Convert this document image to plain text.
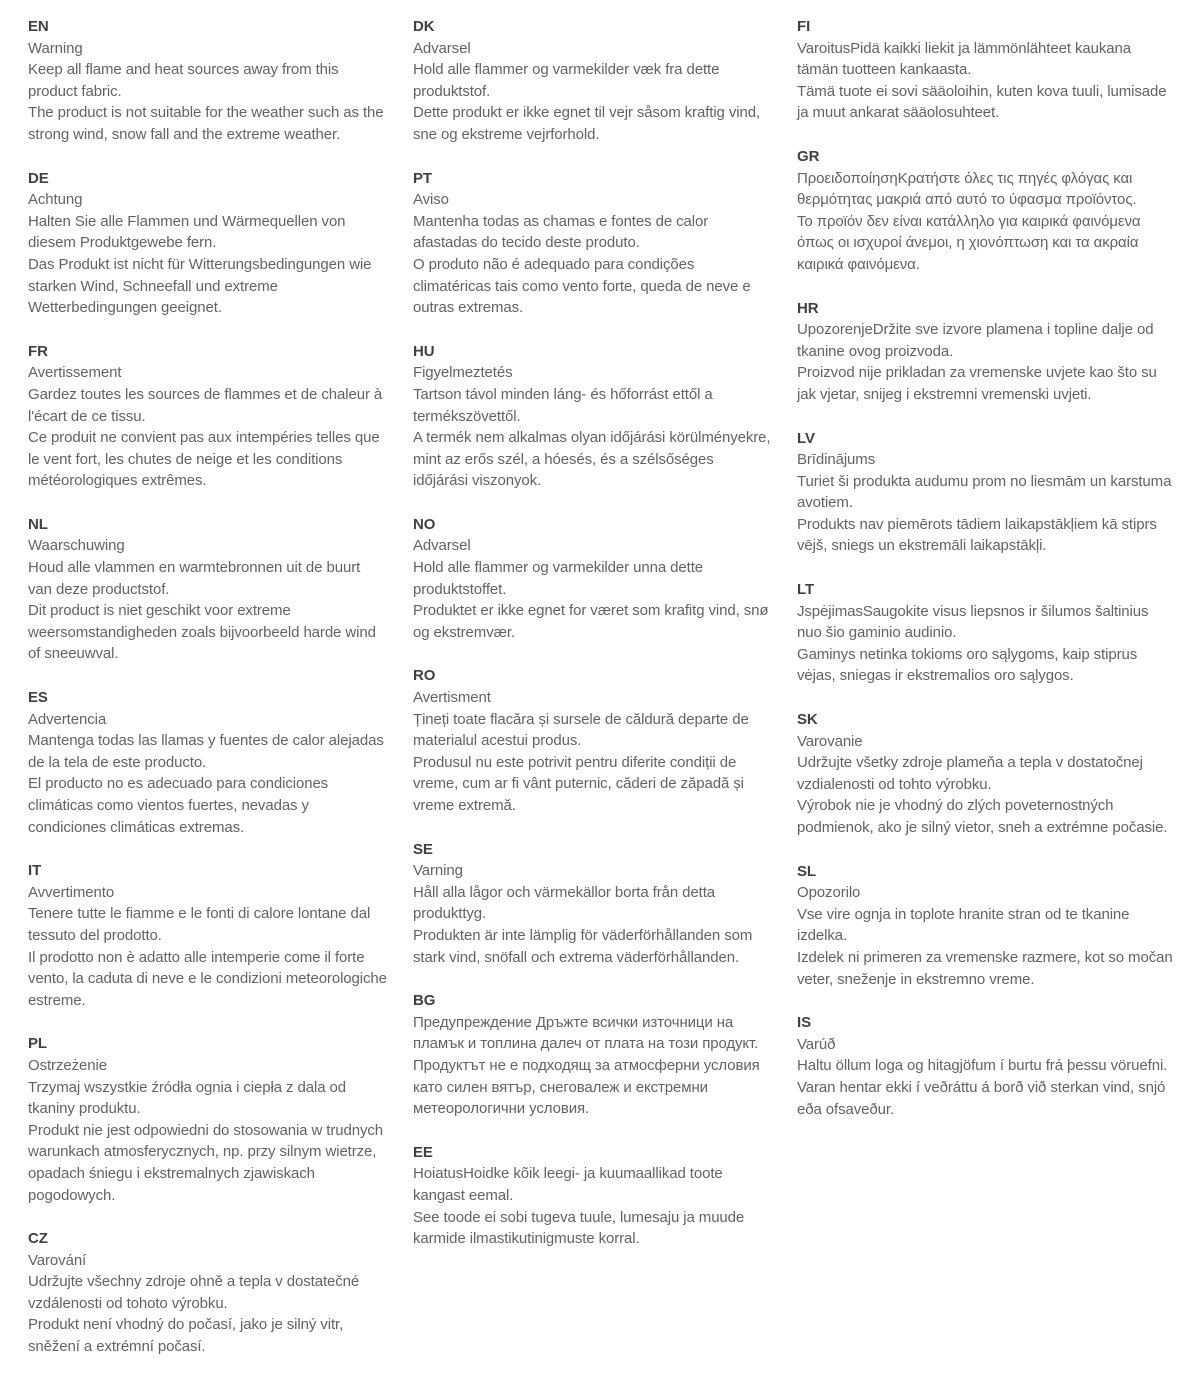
EN
Warning
Keep all flame and heat sources away from this product fabric.
The product is not suitable for the weather such as the strong wind, snow fall and the extreme weather.
DE
Achtung
Halten Sie alle Flammen und Wärmequellen von diesem Produktgewebe fern.
Das Produkt ist nicht für Witterungsbedingungen wie starken Wind, Schneefall und extreme Wetterbedingungen geeignet.
FR
Avertissement
Gardez toutes les sources de flammes et de chaleur à l'écart de ce tissu.
Ce produit ne convient pas aux intempéries telles que le vent fort, les chutes de neige et les conditions météorologiques extrêmes.
NL
Waarschuwing
Houd alle vlammen en warmtebronnen uit de buurt van deze productstof.
Dit product is niet geschikt voor extreme weersomstandigheden zoals bijvoorbeeld harde wind of sneeuwval.
ES
Advertencia
Mantenga todas las llamas y fuentes de calor alejadas de la tela de este producto.
El producto no es adecuado para condiciones climáticas como vientos fuertes, nevadas y condiciones climáticas extremas.
IT
Avvertimento
Tenere tutte le fiamme e le fonti di calore lontane dal tessuto del prodotto.
Il prodotto non è adatto alle intemperie come il forte vento, la caduta di neve e le condizioni meteorologiche estreme.
PL
Ostrzeżenie
Trzymaj wszystkie źródła ognia i ciepła z dala od tkaniny produktu.
Produkt nie jest odpowiedni do stosowania w trudnych warunkach atmosferycznych, np. przy silnym wietrze, opadach śniegu i ekstremalnych zjawiskach pogodowych.
CZ
Varování
Udržujte všechny zdroje ohně a tepla v dostatečné vzdálenosti od tohoto výrobku.
Produkt není vhodný do počasí, jako je silný vitr, sněžení a extrémní počasí.
DK
Advarsel
Hold alle flammer og varmekilder væk fra dette produktstof.
Dette produkt er ikke egnet til vejr såsom kraftig vind, sne og ekstreme vejrforhold.
PT
Aviso
Mantenha todas as chamas e fontes de calor afastadas do tecido deste produto.
O produto não é adequado para condições climatéricas tais como vento forte, queda de neve e outras extremas.
HU
Figyelmeztetés
Tartson távol minden láng- és hőforrást ettől a termékszövettől.
A termék nem alkalmas olyan időjárási körülményekre, mint az erős szél, a hóesés, és a szélsőséges időjárási viszonyok.
NO
Advarsel
Hold alle flammer og varmekilder unna dette produktstoffet.
Produktet er ikke egnet for været som krafitg vind, snø og ekstremvær.
RO
Avertisment
Țineți toate flacăra și sursele de căldură departe de materialul acestui produs.
Produsul nu este potrivit pentru diferite condiții de vreme, cum ar fi vânt puternic, căderi de zăpadă și vreme extremă.
SE
Varning
Håll alla lågor och värmekällor borta från detta produkttyg.
Produkten är inte lämplig för väderförhållanden som stark vind, snöfall och extrema väderförhållanden.
BG
Предупреждение Дръжте всички източници на пламък и топлина далеч от плата на този продукт.
Продуктът не е подходящ за атмосферни условия като силен вятър, снеговалеж и екстремни метеорологични условия.
EE
HoiatusHoidke kõik leegi- ja kuumaallikad toote kangast eemal.
See toode ei sobi tugeva tuule, lumesaju ja muude karmide ilmastikutinigmuste korral.
FI
VaroitusPidä kaikki liekit ja lämmönlähteet kaukana tämän tuotteen kankaasta.
Tämä tuote ei sovi sääoloihin, kuten kova tuuli, lumisade ja muut ankarat sääolosuhteet.
GR
ΠροειδοποίησηΚρατήστε όλες τις πηγές φλόγας και θερμότητας μακριά από αυτό το ύφασμα προϊόντος.
Το προϊόν δεν είναι κατάλληλο για καιρικά φαινόμενα όπως οι ισχυροί άνεμοι, η χιονόπτωση και τα ακραία καιρικά φαινόμενα.
HR
UpozorenjeDržite sve izvore plamena i topline dalje od tkanine ovog proizvoda.
Proizvod nije prikladan za vremenske uvjete kao što su jak vjetar, snijeg i ekstremni vremenski uvjeti.
LV
Brīdinājums
Turiet ši produkta audumu prom no liesmām un karstuma avotiem.
Produkts nav piemērots tādiem laikapstākļiem kā stiprs vējš, sniegs un ekstremāli laikapstākļi.
LT
JspėjimasSaugokite visus liepsnos ir šilumos šaltinius nuo šio gaminio audinio.
Gaminys netinka tokioms oro sąlygoms, kaip stiprus vėjas, sniegas ir ekstremalios oro sąlygos.
SK
Varovanie
Udržujte všetky zdroje plameňa a tepla v dostatočnej vzdialenosti od tohto výrobku.
Výrobok nie je vhodný do zlých poveternostných podmienok, ako je silný vietor, sneh a extrémne počasie.
SL
Opozorilo
Vse vire ognja in toplote hranite stran od te tkanine izdelka.
Izdelek ni primeren za vremenske razmere, kot so močan veter, sneženje in ekstremno vreme.
IS
Varúð
Haltu öllum loga og hitagjöfum í burtu frá þessu vöruefni.
Varan hentar ekki í veðráttu á borð við sterkan vind, snjó eða ofsaveður.
